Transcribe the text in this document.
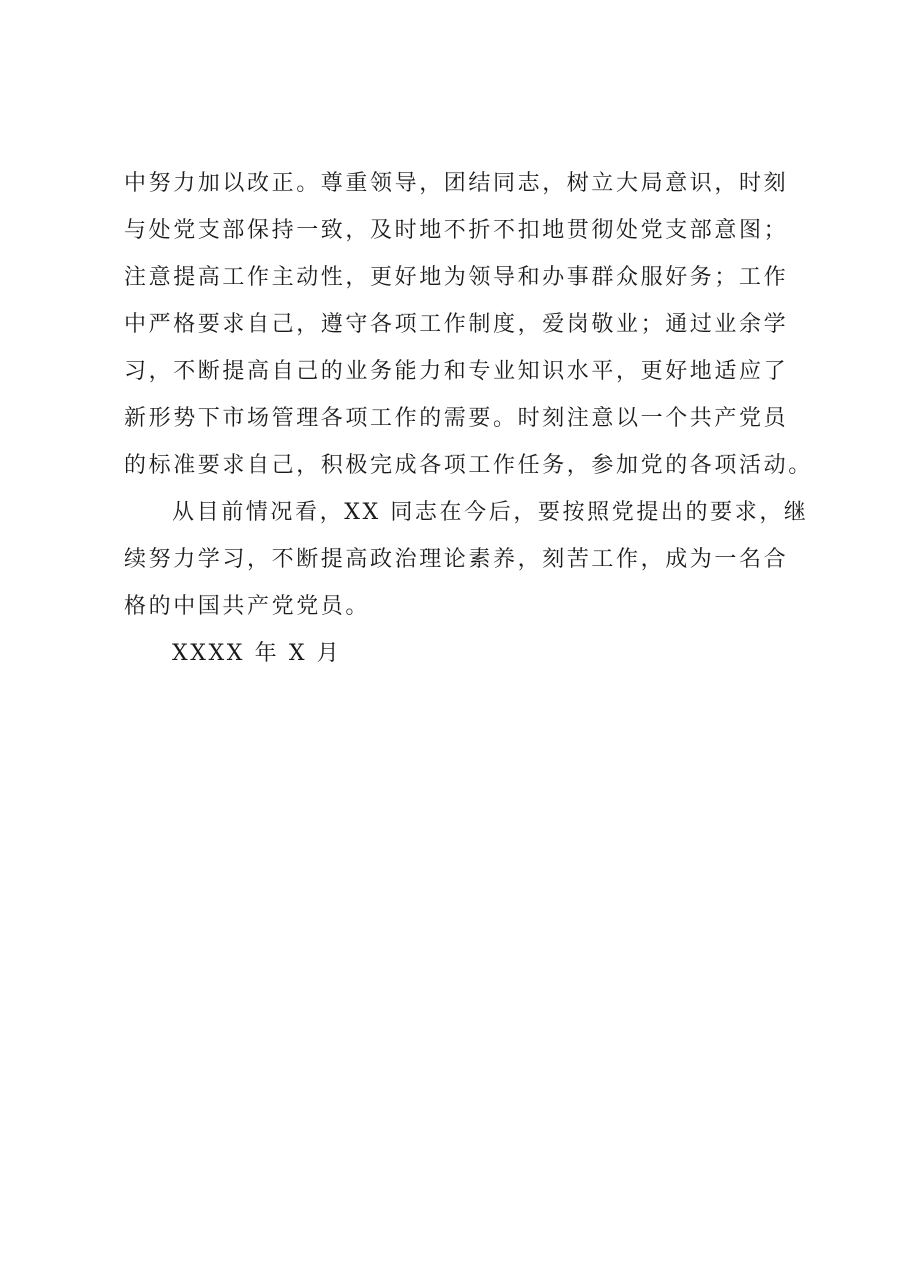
中努力加以改正。尊重领导，团结同志，树立大局意识，时刻
与处党支部保持一致，及时地不折不扣地贯彻处党支部意图；
注意提高工作主动性，更好地为领导和办事群众服好务；工作
中严格要求自己，遵守各项工作制度，爱岗敬业；通过业余学
习，不断提高自己的业务能力和专业知识水平，更好地适应了
新形势下市场管理各项工作的需要。时刻注意以一个共产党员
的标准要求自己，积极完成各项工作任务，参加党的各项活动。
从目前情况看，XX 同志在今后，要按照党提出的要求，继
续努力学习，不断提高政治理论素养，刻苦工作，成为一名合
格的中国共产党党员。
XXXX 年 X 月
